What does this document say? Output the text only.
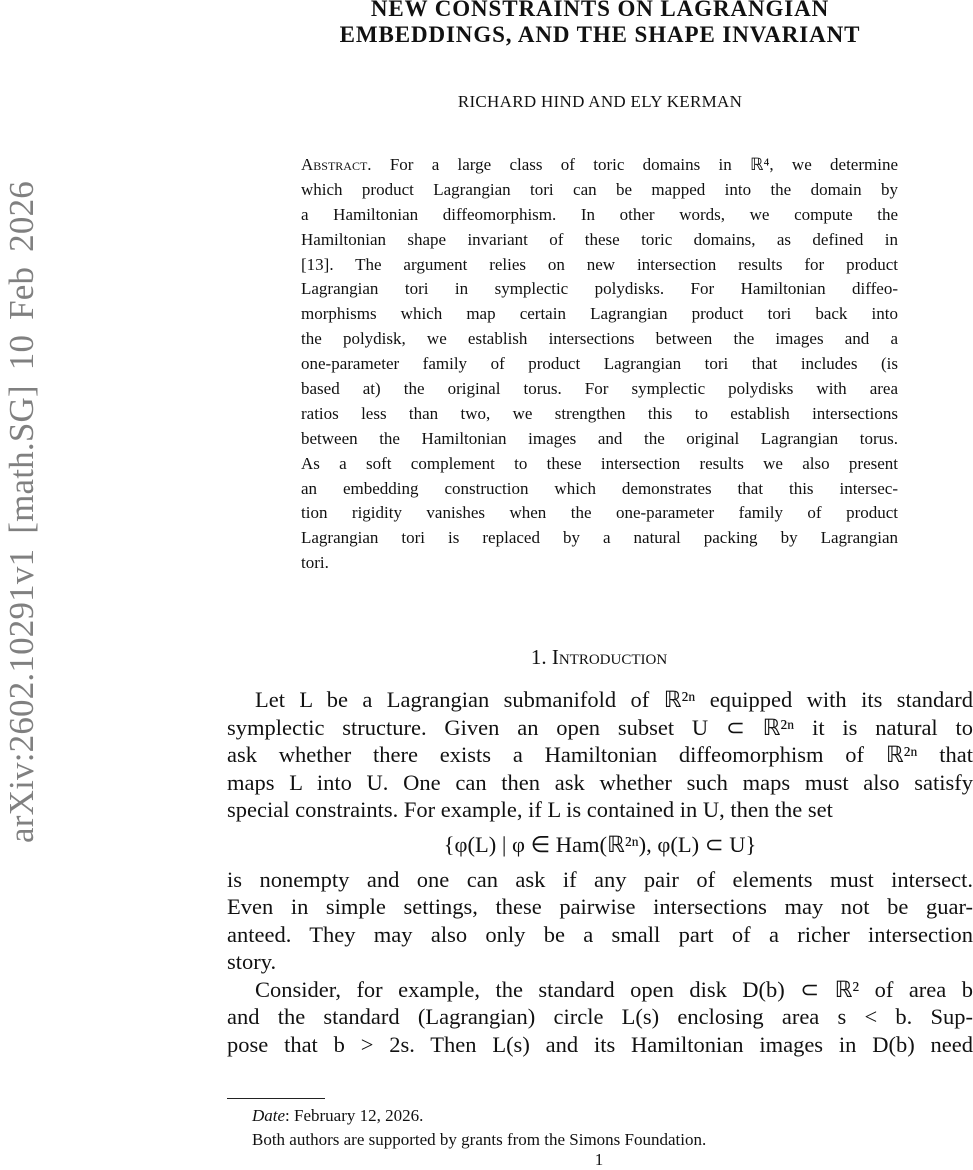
arXiv:2602.10291v1 [math.SG] 10 Feb 2026
NEW CONSTRAINTS ON LAGRANGIAN
EMBEDDINGS, AND THE SHAPE INVARIANT
RICHARD HIND AND ELY KERMAN
Abstract. For a large class of toric domains in ℝ⁴, we determine
which product Lagrangian tori can be mapped into the domain by
a Hamiltonian diffeomorphism. In other words, we compute the
Hamiltonian shape invariant of these toric domains, as defined in
[13]. The argument relies on new intersection results for product
Lagrangian tori in symplectic polydisks. For Hamiltonian diffeo-
morphisms which map certain Lagrangian product tori back into
the polydisk, we establish intersections between the images and a
one-parameter family of product Lagrangian tori that includes (is
based at) the original torus. For symplectic polydisks with area
ratios less than two, we strengthen this to establish intersections
between the Hamiltonian images and the original Lagrangian torus.
As a soft complement to these intersection results we also present
an embedding construction which demonstrates that this intersec-
tion rigidity vanishes when the one-parameter family of product
Lagrangian tori is replaced by a natural packing by Lagrangian
tori.
1. Introduction
Let L be a Lagrangian submanifold of ℝ²ⁿ equipped with its standard
symplectic structure. Given an open subset U ⊂ ℝ²ⁿ it is natural to
ask whether there exists a Hamiltonian diffeomorphism of ℝ²ⁿ that
maps L into U. One can then ask whether such maps must also satisfy
special constraints. For example, if L is contained in U, then the set
{φ(L) | φ ∈ Ham(ℝ²ⁿ), φ(L) ⊂ U}
is nonempty and one can ask if any pair of elements must intersect.
Even in simple settings, these pairwise intersections may not be guar-
anteed. They may also only be a small part of a richer intersection
story.
Consider, for example, the standard open disk D(b) ⊂ ℝ² of area b
and the standard (Lagrangian) circle L(s) enclosing area s < b. Sup-
pose that b > 2s. Then L(s) and its Hamiltonian images in D(b) need
Date: February 12, 2026.
Both authors are supported by grants from the Simons Foundation.
1
